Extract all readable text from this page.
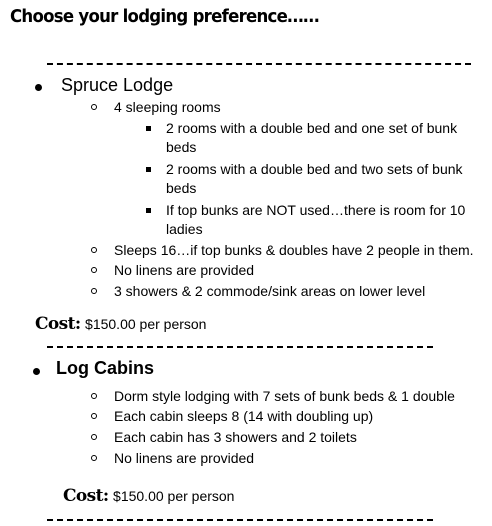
Choose your lodging preference……
Spruce Lodge
4 sleeping rooms
2 rooms with a double bed and one set of bunk
beds
2 rooms with a double bed and two sets of bunk
beds
If top bunks are NOT used…there is room for 10
ladies
Sleeps 16…if top bunks & doubles have 2 people in them.
No linens are provided
3 showers & 2 commode/sink areas on lower level
Cost: $150.00 per person
Log Cabins
Dorm style lodging with 7 sets of bunk beds & 1 double
Each cabin sleeps 8 (14 with doubling up)
Each cabin has 3 showers and 2 toilets
No linens are provided
Cost: $150.00 per person
